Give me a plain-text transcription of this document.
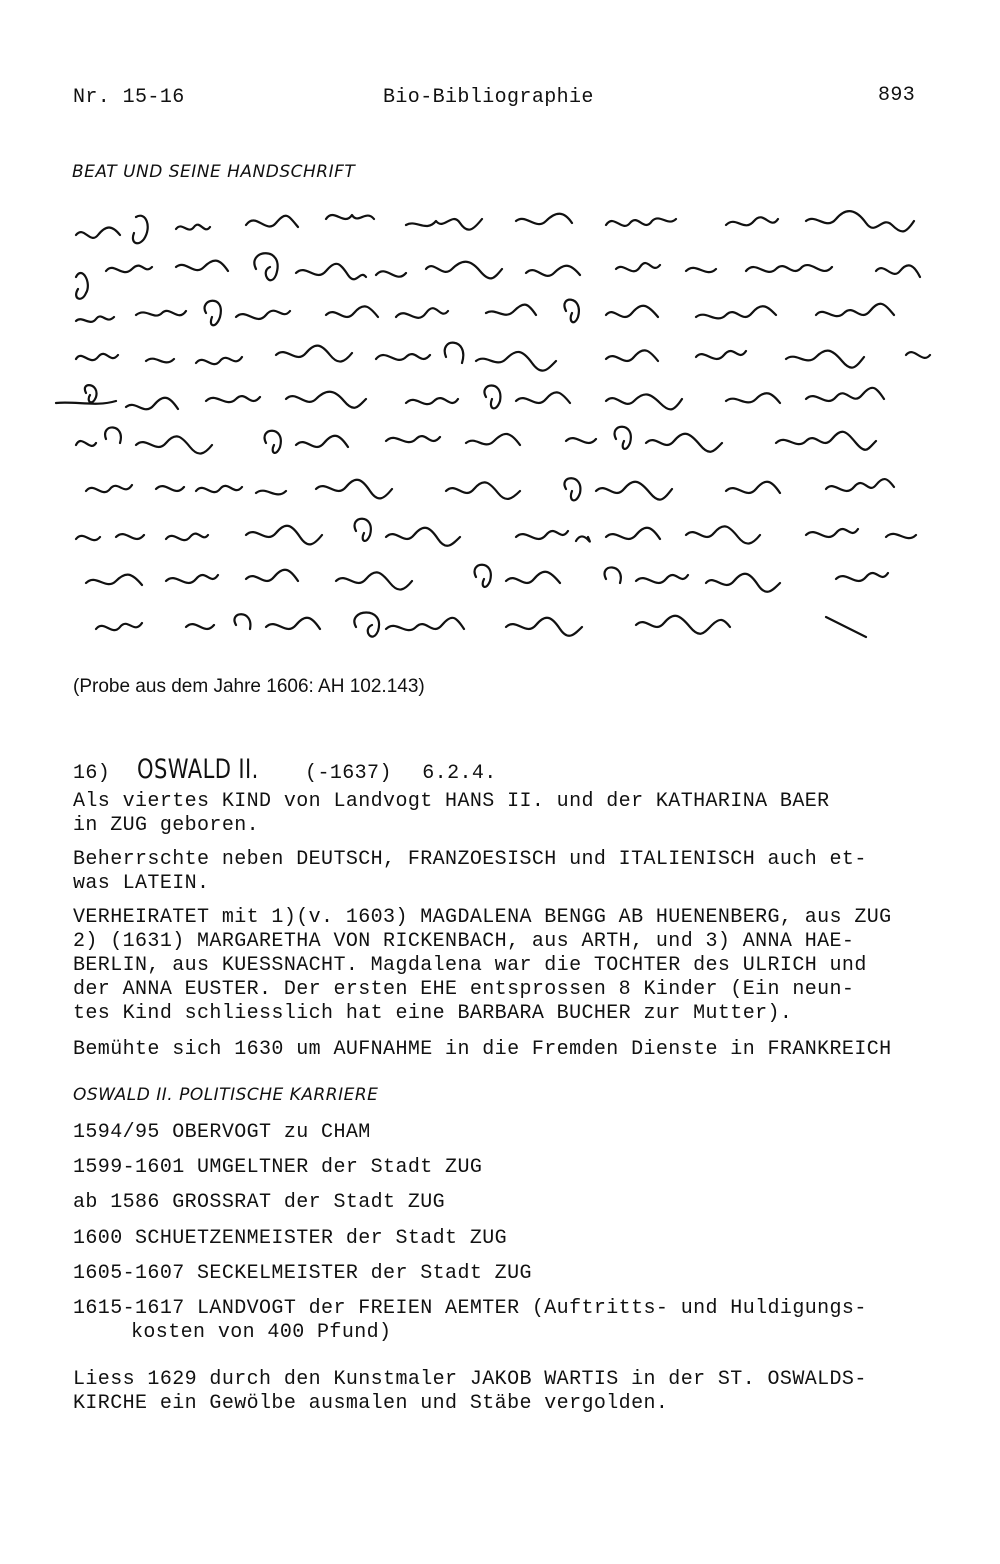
Nr. 15-16	Bio-Bibliographie	893
BEAT UND SEINE HANDSCHRIFT
(Probe aus dem Jahre 1606: AH 102.143)
16) OSWALD II. (-1637) 6.2.4.
Als viertes KIND von Landvogt HANS II. und der KATHARINA BAER
in ZUG geboren.
Beherrschte neben DEUTSCH, FRANZOESISCH und ITALIENISCH auch et-
was LATEIN.
VERHEIRATET mit 1)(v. 1603) MAGDALENA BENGG AB HUENENBERG, aus ZUG
2) (1631) MARGARETHA VON RICKENBACH, aus ARTH, und 3) ANNA HAE-
BERLIN, aus KUESSNACHT. Magdalena war die TOCHTER des ULRICH und
der ANNA EUSTER. Der ersten EHE entsprossen 8 Kinder (Ein neun-
tes Kind schliesslich hat eine BARBARA BUCHER zur Mutter).
Bemühte sich 1630 um AUFNAHME in die Fremden Dienste in FRANKREICH
OSWALD II. POLITISCHE KARRIERE
1594/95 OBERVOGT zu CHAM
1599-1601 UMGELTNER der Stadt ZUG
ab 1586 GROSSRAT der Stadt ZUG
1600 SCHUETZENMEISTER der Stadt ZUG
1605-1607 SECKELMEISTER der Stadt ZUG
1615-1617 LANDVOGT der FREIEN AEMTER (Auftritts- und Huldigungs-
kosten von 400 Pfund)
Liess 1629 durch den Kunstmaler JAKOB WARTIS in der ST. OSWALDS-
KIRCHE ein Gewölbe ausmalen und Stäbe vergolden.
